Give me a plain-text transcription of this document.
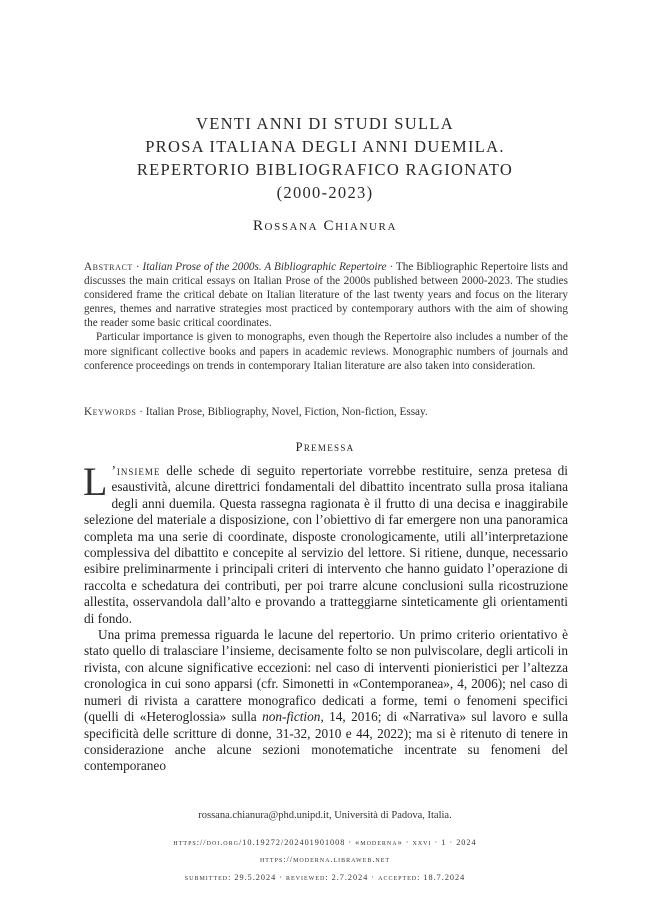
VENTI ANNI DI STUDI SULLA
PROSA ITALIANA DEGLI ANNI DUEMILA.
REPERTORIO BIBLIOGRAFICO RAGIONATO
(2000-2023)
Rossana Chianura

Abstract · Italian Prose of the 2000s. A Bibliographic Repertoire · The Bibliographic Repertoire lists and discusses the main critical essays on Italian Prose of the 2000s published between 2000-2023. The studies considered frame the critical debate on Italian literature of the last twenty years and focus on the literary genres, themes and narrative strategies most practiced by contemporary authors with the aim of showing the reader some basic critical coordinates.

Particular importance is given to monographs, even though the Repertoire also includes a number of the more significant collective books and papers in academic reviews. Monographic numbers of journals and conference proceedings on trends in contemporary Italian literature are also taken into consideration.

Keywords · Italian Prose, Bibliography, Novel, Fiction, Non-fiction, Essay.
Premessa

L ’insieme delle schede di seguito repertoriate vorrebbe restituire, senza pretesa di esaustività, alcune direttrici fondamentali del dibattito incentrato sulla prosa italiana degli anni duemila. Questa rassegna ragionata è il frutto di una decisa e inaggirabile selezione del materiale a disposizione, con l’obiettivo di far emergere non una panoramica completa ma una serie di coordinate, disposte cronologicamente, utili all’interpretazione complessiva del dibattito e concepite al servizio del lettore. Si ritiene, dunque, necessario esibire preliminarmente i principali criteri di intervento che hanno guidato l’operazione di raccolta e schedatura dei contributi, per poi trarre alcune conclusioni sulla ricostruzione allestita, osservandola dall’alto e provando a tratteggiarne sinteticamente gli orientamenti di fondo.

Una prima premessa riguarda le lacune del repertorio. Un primo criterio orientativo è stato quello di tralasciare l’insieme, decisamente folto se non pulviscolare, degli articoli in rivista, con alcune significative eccezioni: nel caso di interventi pionieristici per l’altezza cronologica in cui sono apparsi (cfr. Simonetti in «Contemporanea», 4, 2006); nel caso di numeri di rivista a carattere monografico dedicati a forme, temi o fenomeni specifici (quelli di «Heteroglossia» sulla non-fiction, 14, 2016; di «Narrativa» sul lavoro e sulla specificità delle scritture di donne, 31-32, 2010 e 44, 2022); ma si è ritenuto di tenere in considerazione anche alcune sezioni monotematiche incentrate su fenomeni del contemporaneo

rossana.chianura@phd.unipd.it, Università di Padova, Italia.
https://doi.org/10.19272/202401901008 · «moderna» · xxvi · 1 · 2024
https://moderna.libraweb.net
submitted: 29.5.2024 · reviewed: 2.7.2024 · accepted: 18.7.2024
